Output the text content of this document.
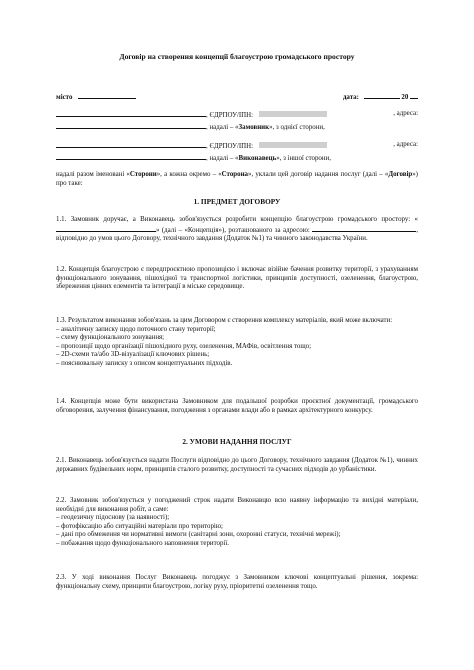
Договір на створення концепції благоустрою громадського простору
місто	дата:	20
, ЄДРПОУ/ІПН:	, адреса:
, надалі – «Замовник», з однієї сторони,
, ЄДРПОУ/ІПН:	, адреса:
, надалі – «Виконавець», з іншої сторони,
надалі разом іменовані «Сторони», а кожна окремо – «Сторона», уклали цей договір надання послуг (далі – «Договір») про таке:
1. ПРЕДМЕТ ДОГОВОРУ
1.1. Замовник доручає, а Виконавець зобов'язується розробити концепцію благоустрою громадського простору: «» (далі – «Концепція»), розташованого за адресою:	, відповідно до умов цього Договору, технічного завдання (Додаток №1) та чинного законодавства України.
1.2. Концепція благоустрою є передпроєктною пропозицією і включає візійне бачення розвитку території, з урахуванням функціонального зонування, пішохідної та транспортної логістики, принципів доступності, озеленення, благоустрою, збереження цінних елементів та інтеграції в міське середовище.
1.3. Результатом виконання зобов'язань за цим Договором є створення комплексу матеріалів, який може включати:
– аналітичну записку щодо поточного стану території;
– схему функціонального зонування;
– пропозиції щодо організації пішохідного руху, озеленення, МАФів, освітлення тощо;
– 2D-схеми та/або 3D-візуалізації ключових рішень;
– пояснювальну записку з описом концептуальних підходів.
1.4. Концепція може бути використана Замовником для подальшої розробки проєктної документації, громадського обговорення, залучення фінансування, погодження з органами влади або в рамках архітектурного конкурсу.
2. УМОВИ НАДАННЯ ПОСЛУГ
2.1. Виконавець зобов'язується надати Послуги відповідно до цього Договору, технічного завдання (Додаток №1), чинних державних будівельних норм, принципів сталого розвитку, доступності та сучасних підходів до урбаністики.
2.2. Замовник зобов'язується у погоджений строк надати Виконавцю всю наявну інформацію та вихідні матеріали, необхідні для виконання робіт, а саме:
– геодезичну підоснову (за наявності);
– фотофіксацію або ситуаційні матеріали про територію;
– дані про обмеження чи нормативні вимоги (санітарні зони, охоронні статуси, технічні мережі);
– побажання щодо функціонального наповнення території.
2.3. У ході виконання Послуг Виконавець погоджує з Замовником ключові концептуальні рішення, зокрема: функціональну схему, принципи благоустрою, логіку руху, пріоритетні озеленення тощо.
